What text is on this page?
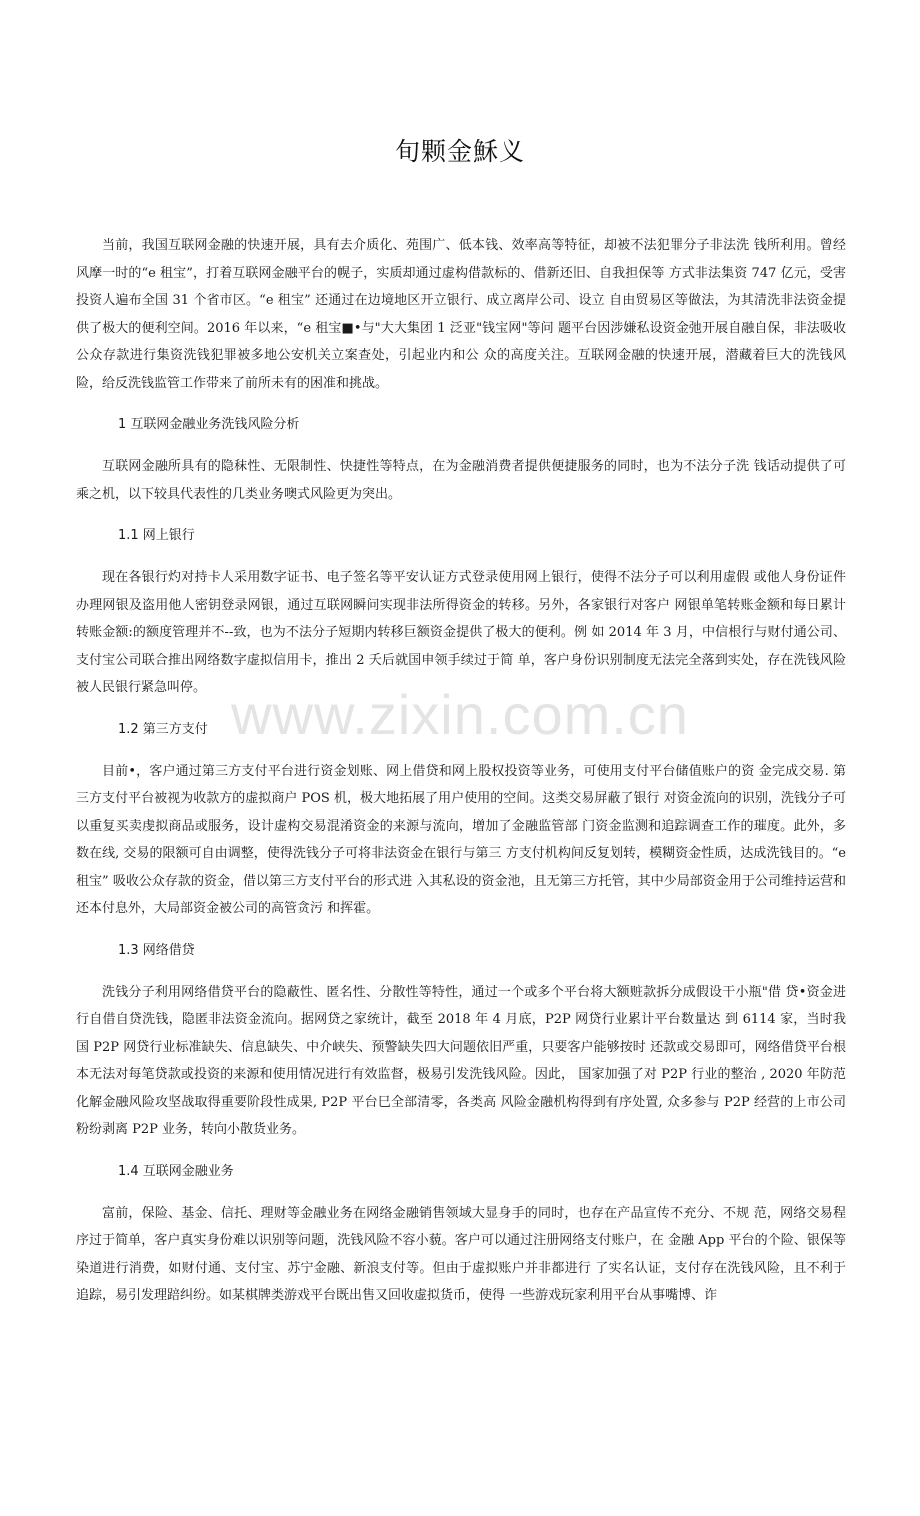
旬颗金穌义
www.zixin.com.cn

当前，我国互联网金融的快速开展，具有去介质化、苑围广、低本钱、效率高等特征，却被不法犯罪分子非法洗 钱所利用。曾经风摩一时的“e 租宝”，打着互联网金融平台的幌子，实质却通过虚构借款标的、借新还旧、自我担保等 方式非法集资 747 亿元，受害投资人遍布全国 31 个省市区。“e 租宝” 还通过在边境地区开立银行、成立离岸公司、设立 自由贸易区等做法，为其清洗非法资金提供了极大的便利空间。2016 年以来，“e 租宝■•与"大大集团 1 泛亚"钱宝网"等问 题平台因涉嫌私设资金弛开展自融自保，非法吸收公众存款进行集资洗钱犯罪被多地公安机关立案查处，引起业内和公 众的高度关注。互联网金融的快速开展，潜藏着巨大的洗钱风险，给反洗钱监管工作带来了前所未有的困准和挑战。

1 互联网金融业务洗钱风险分析

互联网金融所具有的隐秣性、无限制性、快捷性等特点，在为金融消费者提供便捷服务的同时，也为不法分子洗 钱话动提供了可乘之机，以下较具代表性的几类业务噢式风险更为突出。

1.1 网上银行

现在各银行灼对持卡人采用数字证书、电子签名等平安认证方式登录使用网上银行，使得不法分子可以利用虚假 或他人身份证件办理网银及盗用他人密钥登录网银，通过互联网瞬问实现非法所得资金的转移。另外，各家银行对客户 网银单笔转账金额和每日累计转账金额:的额度管理并不--致，也为不法分子短期内转移巨额资金提供了极大的便利。例 如 2014 年 3 月，中信根行与财付通公司、支付宝公司联合推出网络数字虚拟信用卡，推出 2 夭后就国申领手续过于简 单，客户身份识别制度无法完全落到实处，存在洗钱风险被人民银行紧急叫停。

1.2 第三方支付

目前•，客户通过第三方支付平台进行资金划账、网上借贷和网上股权投资等业务，可使用支付平台储值账户的资 金完成交易. 第三方支付平台被视为收款方的虚拟商户 POS 机，极大地拓展了用户使用的空间。这类交易屏蔽了银行 对资金流向的识别，洗钱分子可以重复买卖虔拟商品或服务，设计虚构交易混淆资金的来源与流向，增加了金融监管部 门资金监测和追踪调查工作的璀度。此外，多数在线, 交易的限额可自由调整，使得洗钱分子可将非法资金在银行与第三 方支付机构间反复划转，模糊资金性质，达成洗钱目的。“e 租宝” 吸收公众存款的资金，借以第三方支付平台的形式进 入其私设的资金池，且无第三方托管，其中少局部资金用于公司维持运营和还本付息外，大局部资金被公司的高管贪污 和挥霍。

1.3 网络借贷

洗钱分子利用网络借贷平台的隐蔽性、匿名性、分散性等特性，通过一个或多个平台将大额赃款拆分成假设干小瓶"借 贷•资金进行自借自贷洗钱，隐匿非法资金流向。据网贷之家统计，截至 2018 年 4 月底，P2P 网贷行业累计平台数量达 到 6114 家，当时我国 P2P 网贷行业标准缺失、信息缺失、中介峡失、预警缺失四大问题依旧严重，只要客户能够按时 还款或交易即可，网络借贷平台根本无法对每笔贷款或投资的来源和使用情况进行有效监督，极易引发洗钱风险。因此， 国家加强了对 P2P 行业的整治 , 2020 年防范化解金融风险攻坚战取得重要阶段性成果, P2P 平台巳全部清零，各类高 风险金融机构得到有序处置, 众多参与 P2P 经营的上市公司粉纷剥离 P2P 业务，转向小散货业务。

1.4 互联网金融业务

富前，保险、基金、信托、理财等金融业务在网络金融销售领域大显身手的同时，也存在产品宣传不充分、不规 范，网络交易程序过于简单，客户真实身份难以识别等问题，洗钱风险不容小藐。客户可以通过注册网络支付账户，在 金融 App 平台的个险、银保等染道进行消费，如财付通、支付宝、苏宁金融、新浪支付等。但由于虚拟账户并非都进行 了实名认证，支付存在洗钱风险，且不利于追踪，易引发理踣纠纷。如某棋牌类游戏平台既出售又回收虚拟货币，使得 一些游戏玩家利用平台从事嘴博、诈
